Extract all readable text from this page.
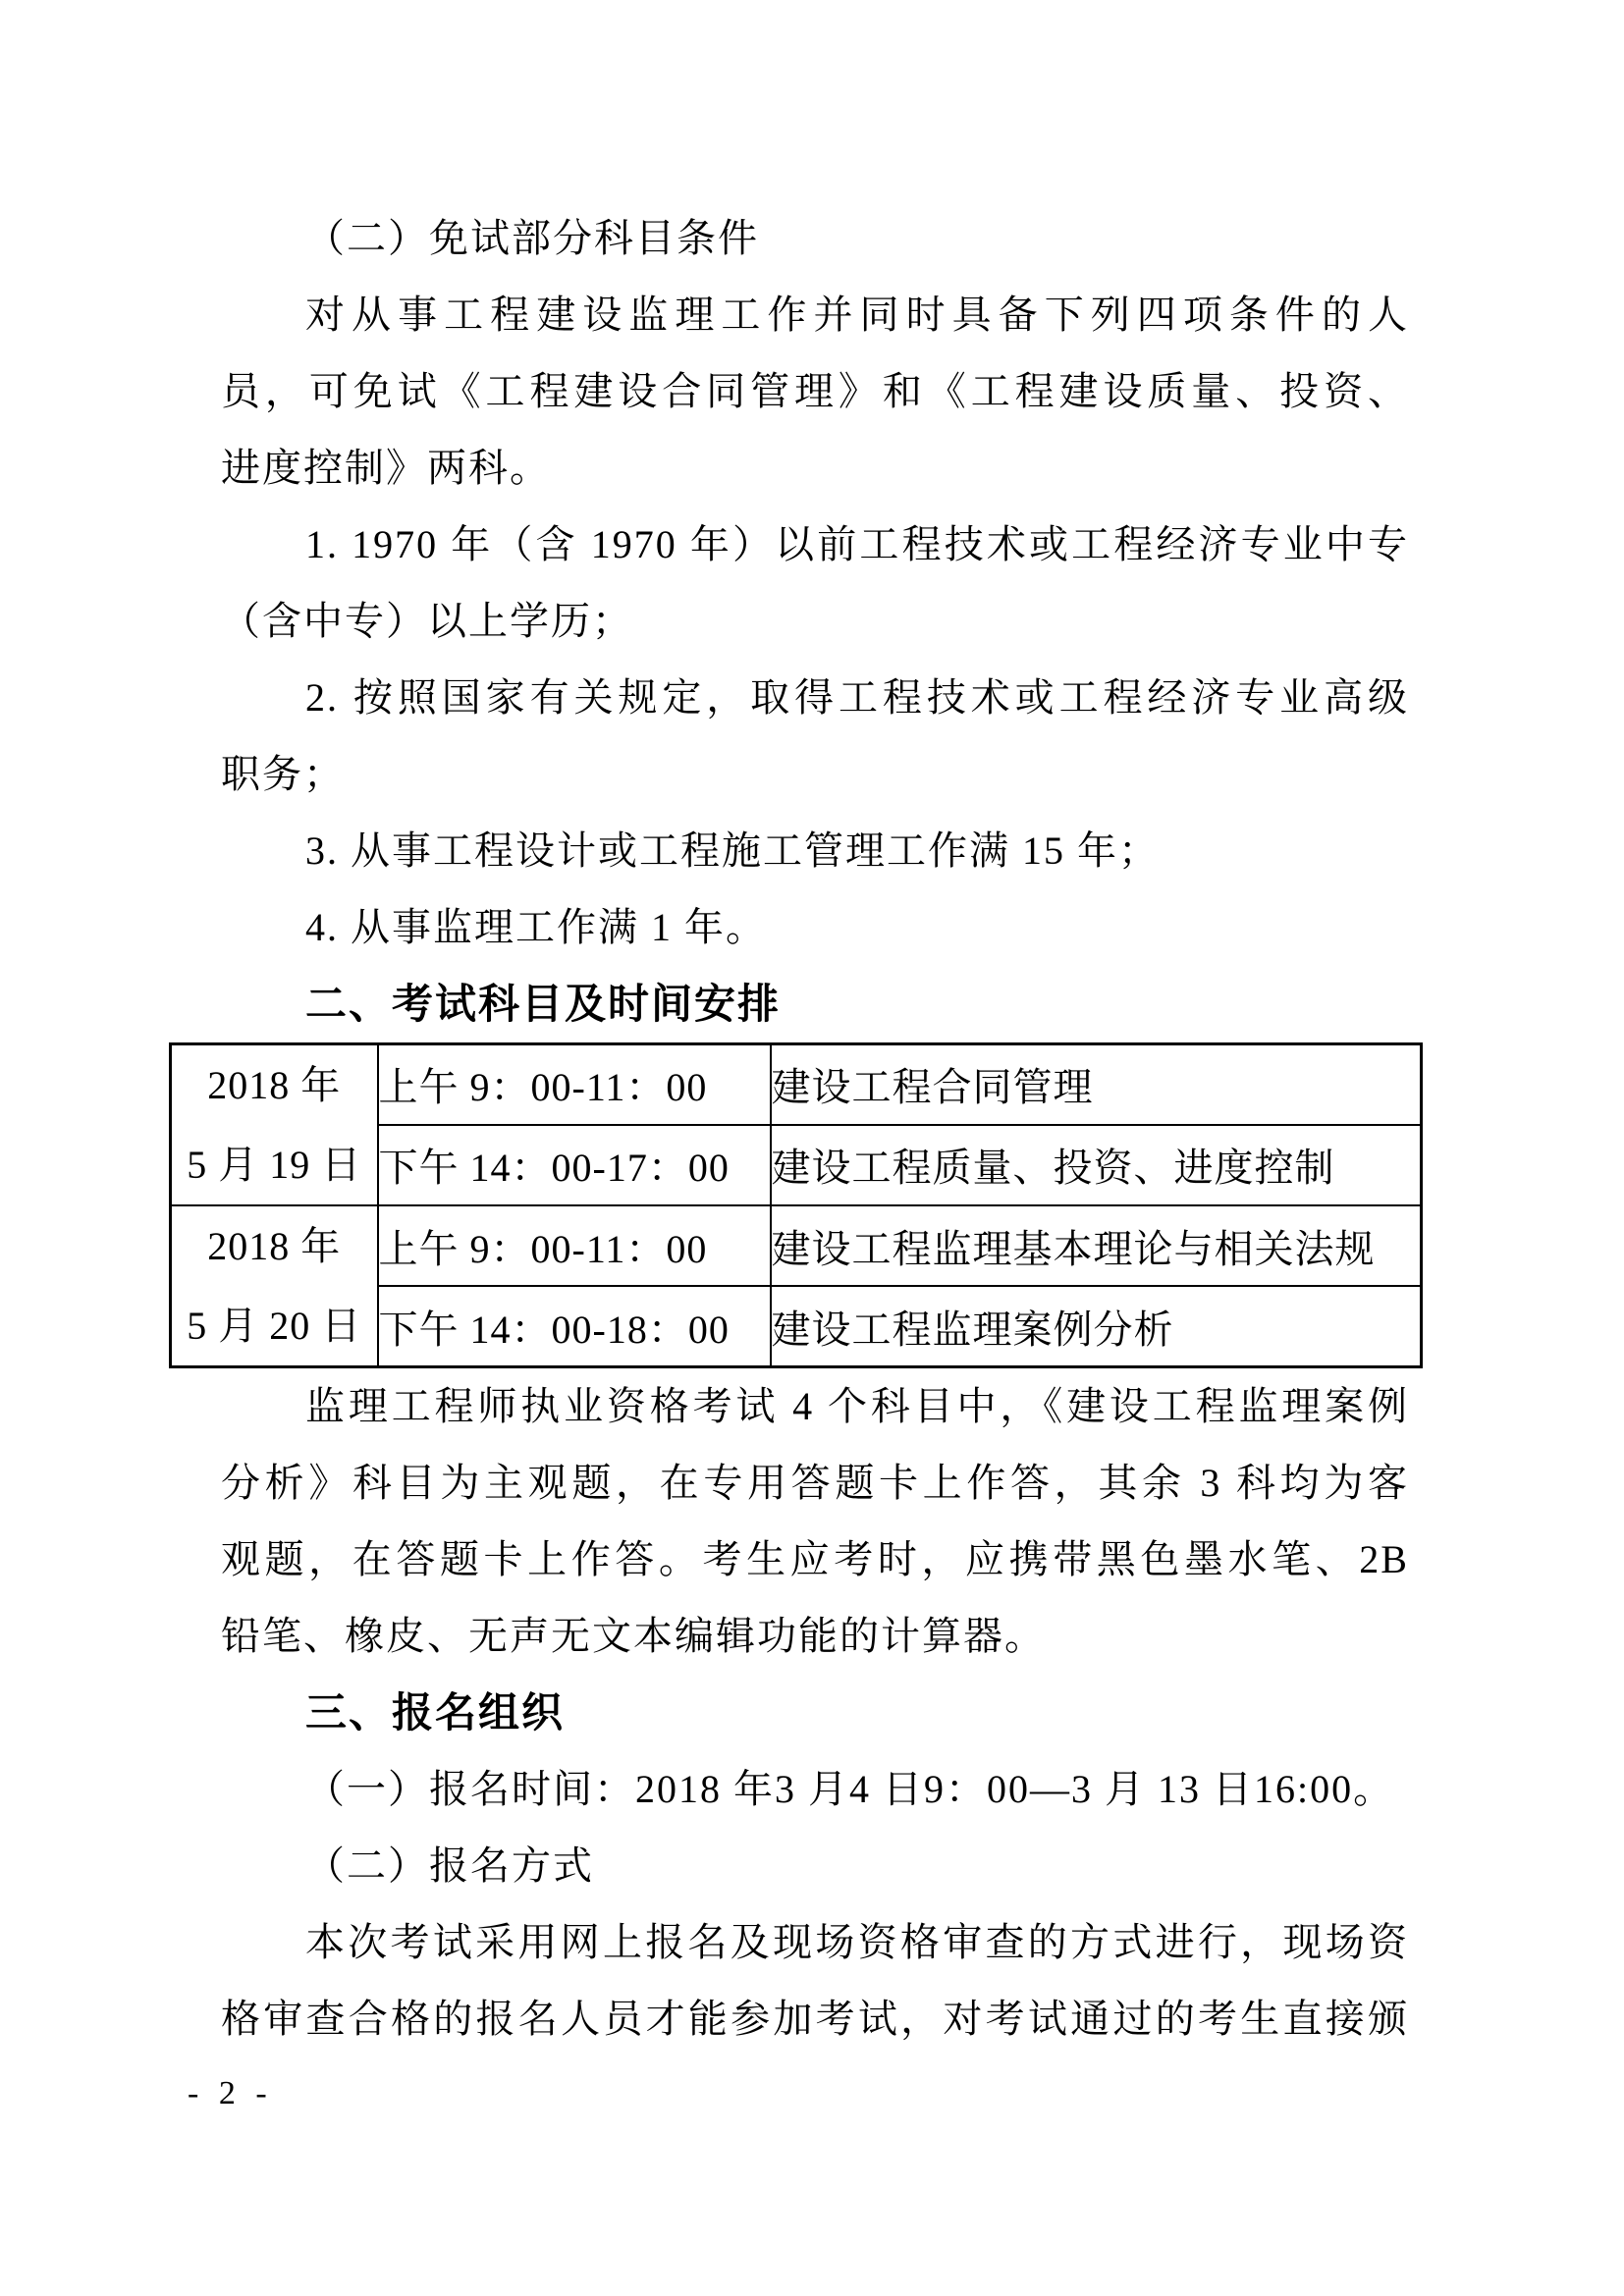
（二）免试部分科目条件
对从事工程建设监理工作并同时具备下列四项条件的人
员，可免试《工程建设合同管理》和《工程建设质量、投资、
进度控制》两科。
1. 1970 年（含 1970 年）以前工程技术或工程经济专业中专
（含中专）以上学历；
2. 按照国家有关规定，取得工程技术或工程经济专业高级
职务；
3. 从事工程设计或工程施工管理工作满 15 年；
4. 从事监理工作满 1 年。
二、考试科目及时间安排
2018 年
5 月 19 日	上午 9：00-11：00	建设工程合同管理
	下午 14：00-17：00	建设工程质量、投资、进度控制

2018 年
5 月 20 日	上午 9：00-11：00	建设工程监理基本理论与相关法规
	下午 14：00-18：00	建设工程监理案例分析
监理工程师执业资格考试 4 个科目中，《建设工程监理案例
分析》科目为主观题，在专用答题卡上作答，其余 3 科均为客
观题，在答题卡上作答。考生应考时，应携带黑色墨水笔、2B
铅笔、橡皮、无声无文本编辑功能的计算器。
三、报名组织
（一）报名时间：2018 年3 月4 日9：00—3 月 13 日16:00。
（二）报名方式
本次考试采用网上报名及现场资格审查的方式进行，现场资
格审查合格的报名人员才能参加考试，对考试通过的考生直接颁
- 2 -
